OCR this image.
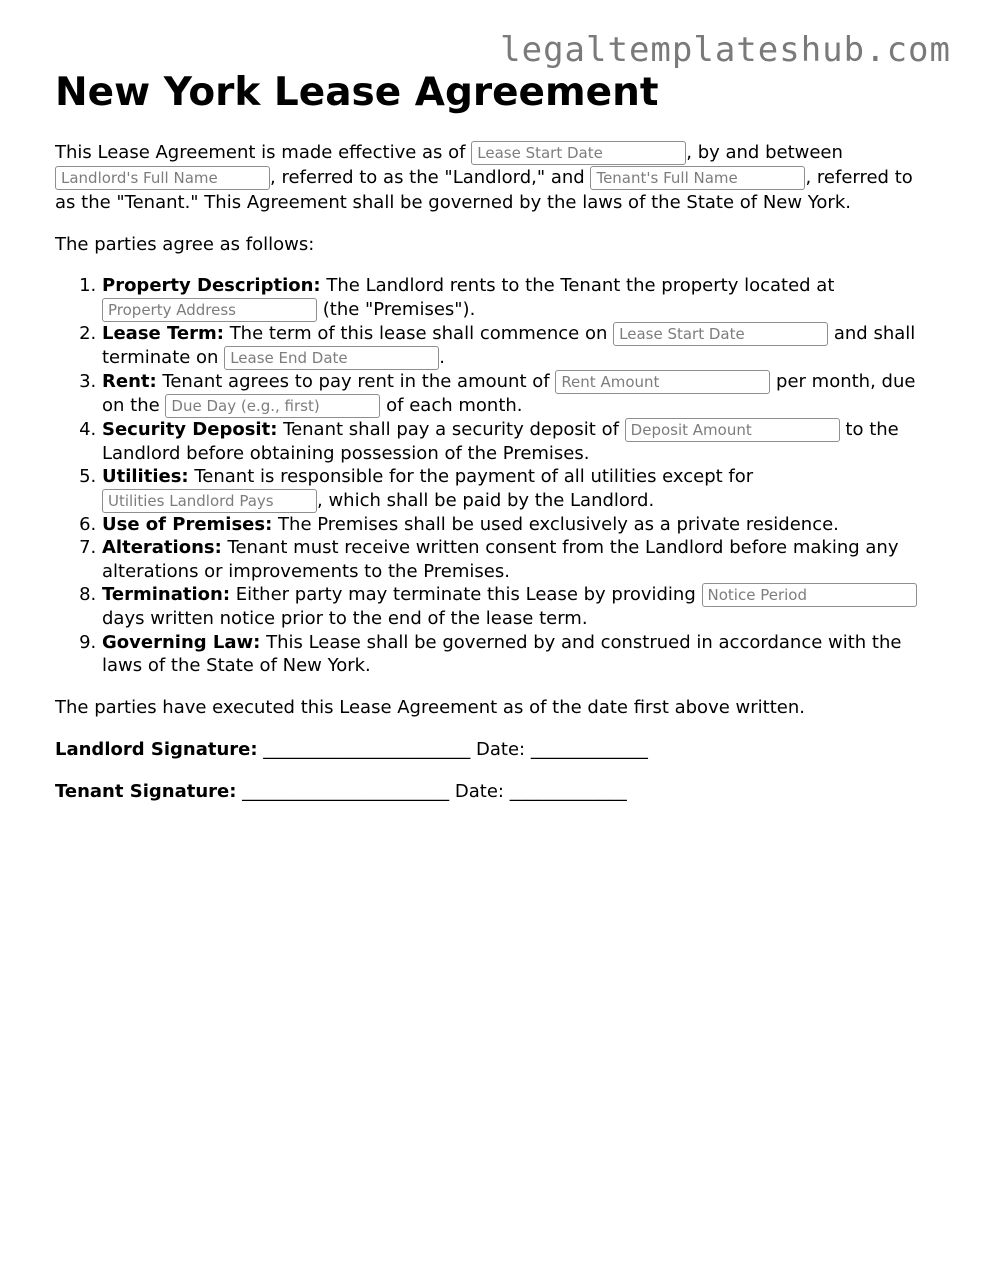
legaltemplateshub.com
New York Lease Agreement

This Lease Agreement is made effective as of Lease Start Date	, by and between Landlord's Full Name, referred to as the "Landlord," and Tenant's Full Name	, referred to as the "Tenant." This Agreement shall be governed by the laws of the State of New York.

The parties agree as follows:

1. Property Description: The Landlord rents to the Tenant the property located at Property Address (the "Premises").
2. Lease Term: The term of this lease shall commence on Lease Start Date	and shall terminate on Lease End Date	.
3. Rent: Tenant agrees to pay rent in the amount of Rent Amount	per month, due on the Due Day (e.g., first)	of each month.
4. Security Deposit: Tenant shall pay a security deposit of Deposit Amount	to the Landlord before obtaining possession of the Premises.
5. Utilities: Tenant is responsible for the payment of all utilities except for Utilities Landlord Pays, which shall be paid by the Landlord.
6. Use of Premises: The Premises shall be used exclusively as a private residence.
7. Alterations: Tenant must receive written consent from the Landlord before making any alterations or improvements to the Premises.
8. Termination: Either party may terminate this Lease by providing Notice Period days written notice prior to the end of the lease term.
9. Governing Law: This Lease shall be governed by and construed in accordance with the laws of the State of New York.

The parties have executed this Lease Agreement as of the date first above written.

Landlord Signature: _______________________ Date: _____________

Tenant Signature: _______________________ Date: _____________
